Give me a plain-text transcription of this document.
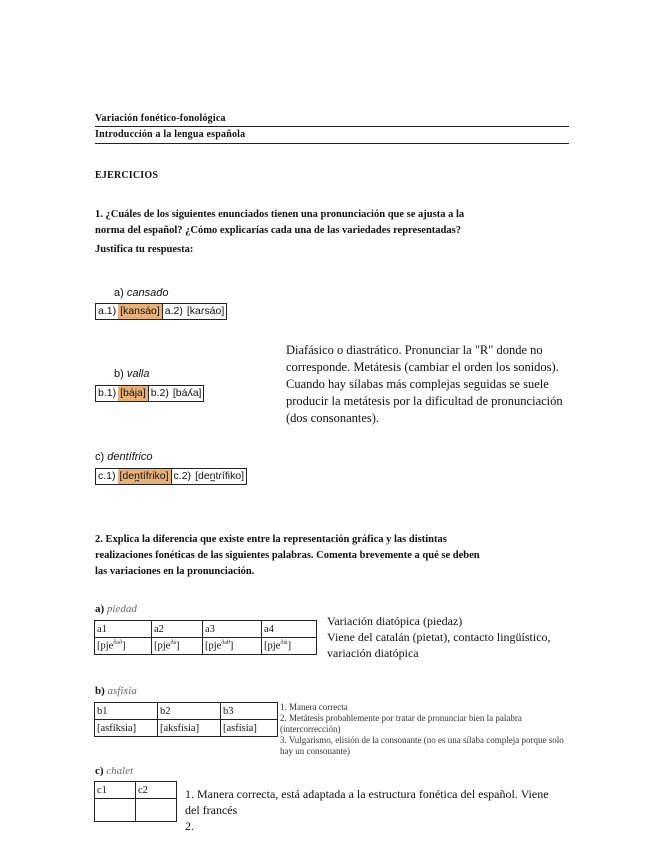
Variación fonético-fonológica
Introducción a la lengua española
EJERCICIOS
1. ¿Cuáles de los siguientes enunciados tienen una pronunciación que se ajusta a la
norma del español? ¿Cómo explicarías cada una de las variedades representadas?
Justifica tu respuesta:
a) cansado
a.1) [kansáo] a.2) [kaɾsáo]
b) valla
b.1) [bája] b.2) [báʎa]
Diafásico o diastrático. Pronunciar la "R" donde no
corresponde. Metátesis (cambiar el orden los sonidos).
Cuando hay sílabas más complejas seguidas se suele
producir la metátesis por la dificultad de pronunciación
(dos consonantes).
c) dentífrico
c.1) [den̪tífriko] c.2) [den̪tɾífiko]
2. Explica la diferencia que existe entre la representación gráfica y las distintas
realizaciones fonéticas de las siguientes palabras. Comenta brevemente a qué se deben
las variaciones en la pronunciación.
a) piedad
a1	a2	a3	a4
[pje$^{ðað}$]	[pje$^{ðá}$]	[pje$^{ða\theta}$]	[pje$^{ðát}$]
Variación diatópica (piedaz)
Viene del catalán (pietat), contacto lingüístico,
variación diatópica
b) asfixia
b1	b2	b3
[asfíksia]	[aksfísia]	[asfísia]
1. Manera correcta
2. Metátesis probablemente por tratar de pronunciar bien la palabra
(intercorrección)
3. Vulgarismo, elisión de la consonante (no es una sílaba compleja porque solo
hay un consonante)
c) chalet
c1	c2
		1. Manera correcta, está adaptada a la estructura fonética del español. Viene
del francés
2.
